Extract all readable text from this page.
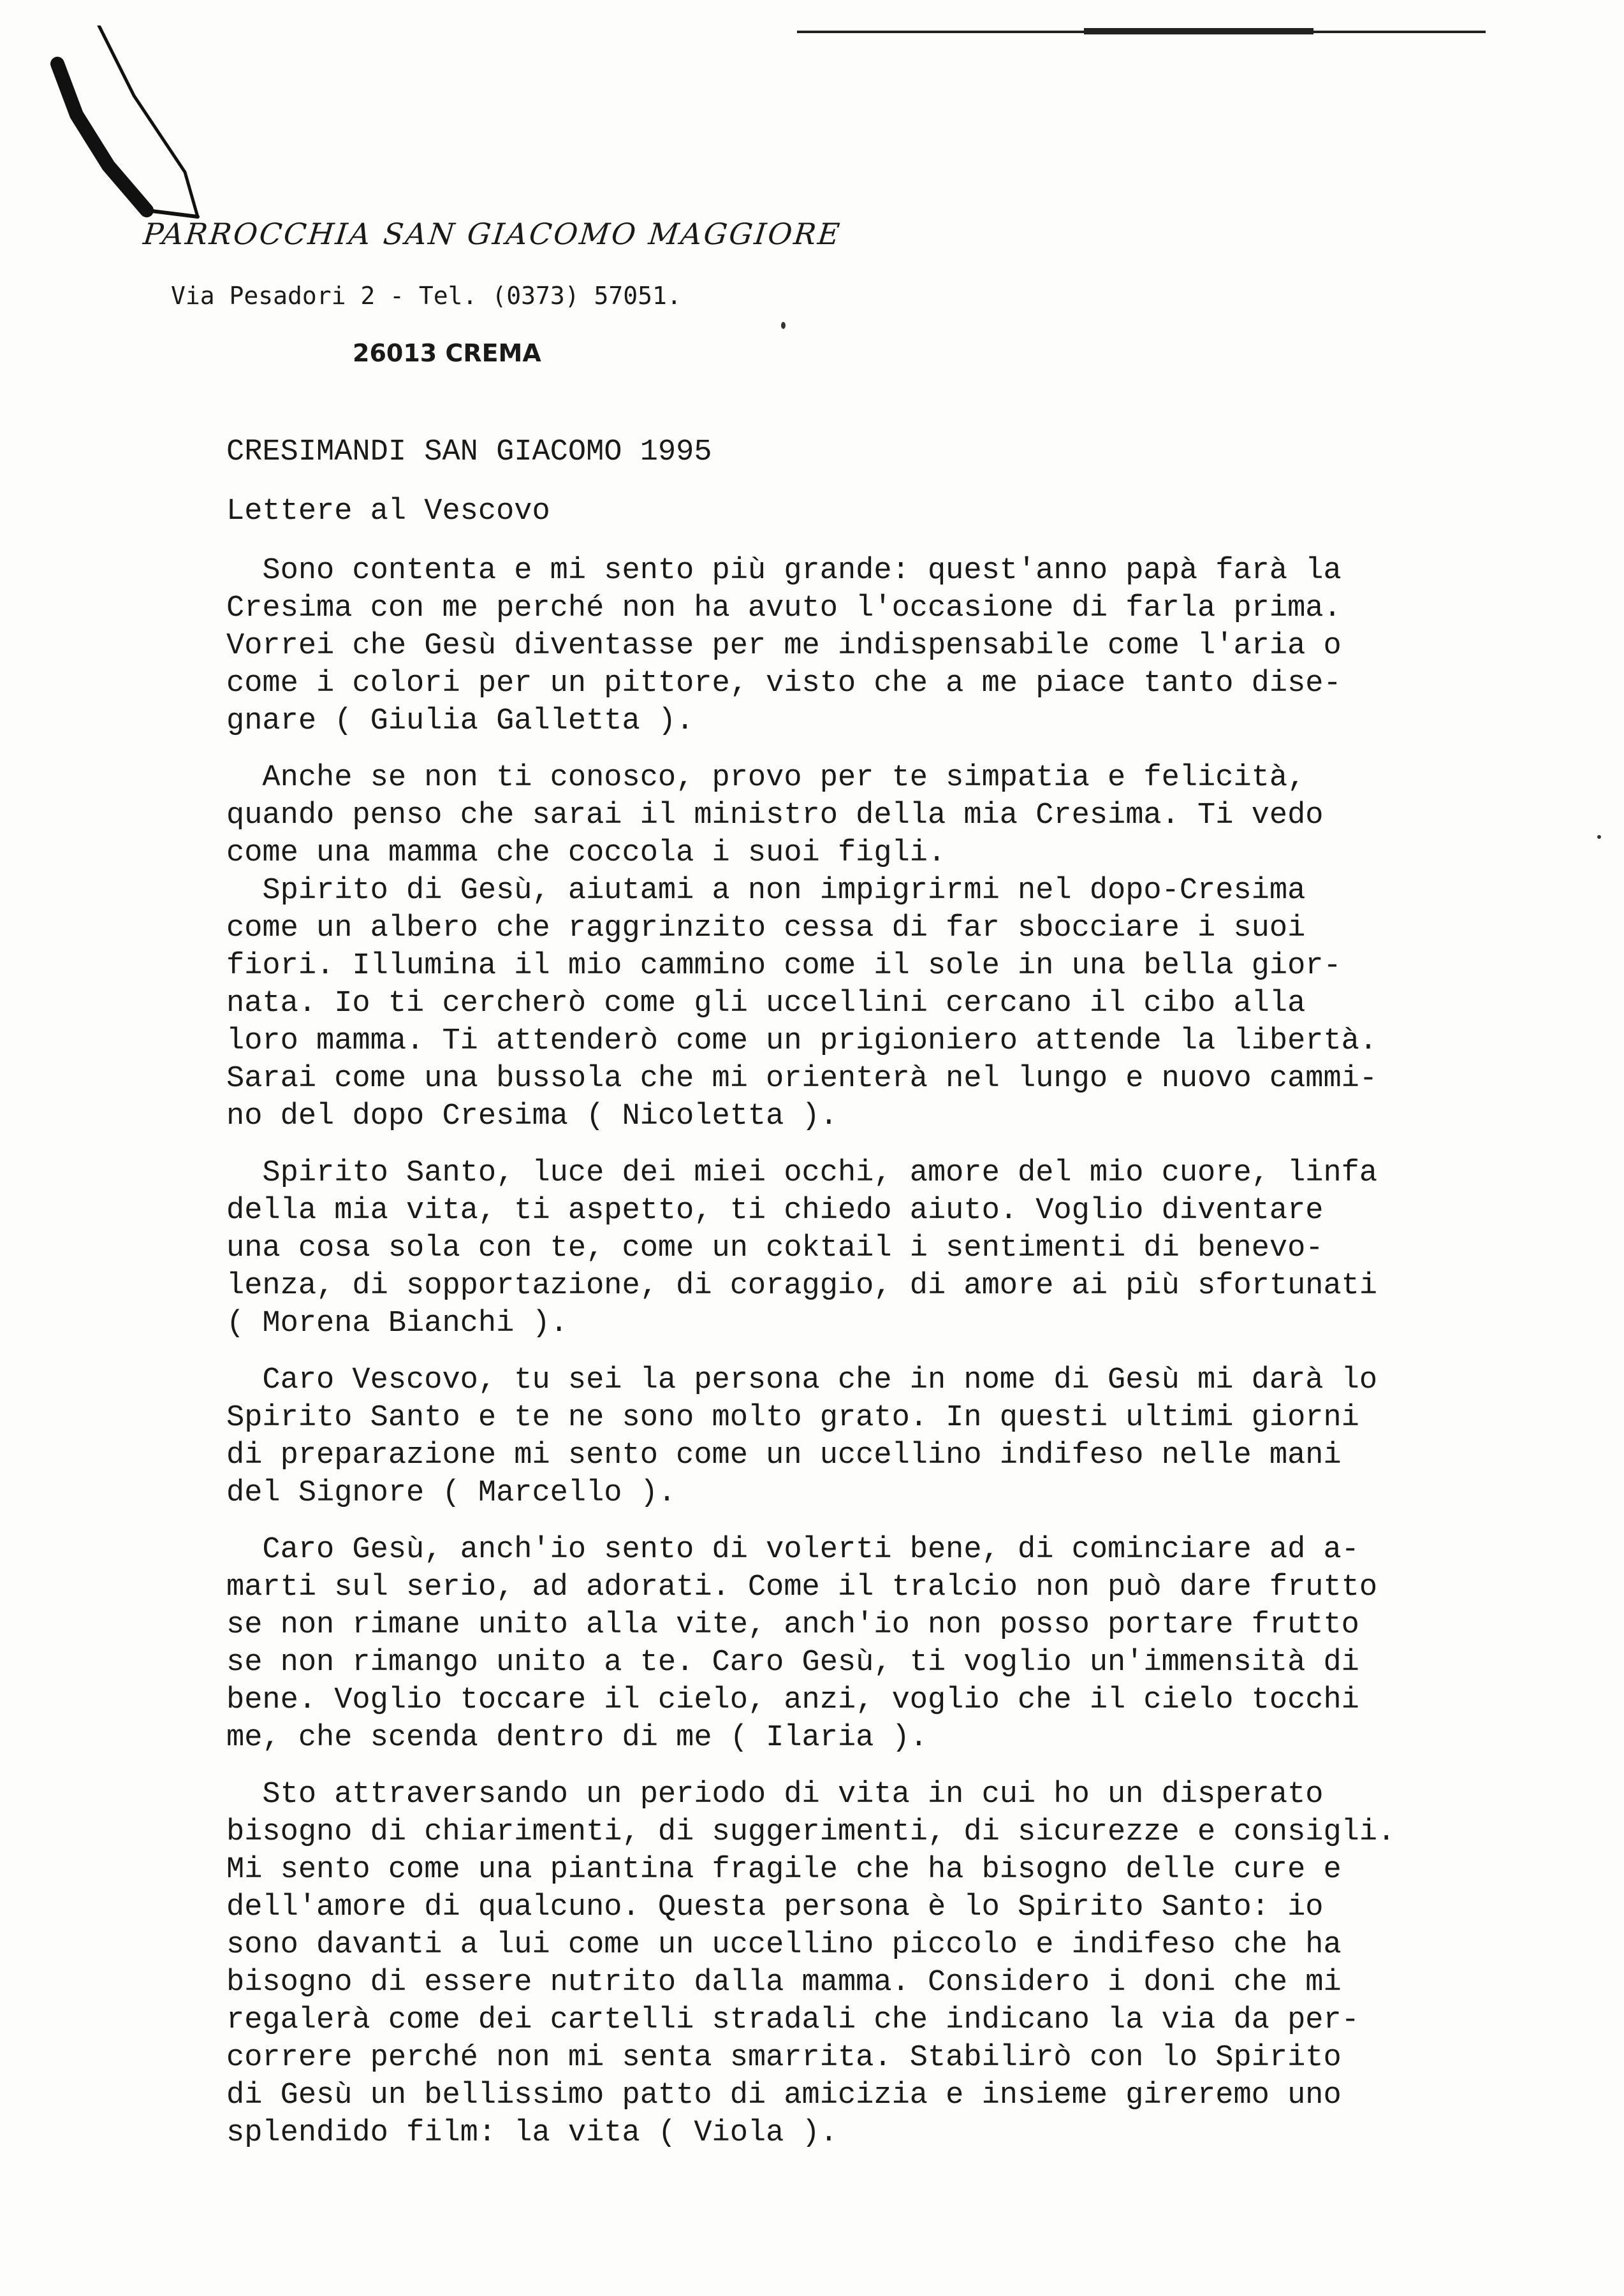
PARROCCHIA SAN GIACOMO MAGGIORE
Via Pesadori 2 - Tel. (0373) 57051.
26013 CREMA
CRESIMANDI SAN GIACOMO 1995
Lettere al Vescovo
Sono contenta e mi sento più grande: quest'anno papà farà la
Cresima con me perché non ha avuto l'occasione di farla prima.
Vorrei che Gesù diventasse per me indispensabile come l'aria o
come i colori per un pittore, visto che a me piace tanto dise-
gnare ( Giulia Galletta ).
Anche se non ti conosco, provo per te simpatia e felicità,
quando penso che sarai il ministro della mia Cresima. Ti vedo
come una mamma che coccola i suoi figli.
Spirito di Gesù, aiutami a non impigrirmi nel dopo-Cresima
come un albero che raggrinzito cessa di far sbocciare i suoi
fiori. Illumina il mio cammino come il sole in una bella gior-
nata. Io ti cercherò come gli uccellini cercano il cibo alla
loro mamma. Ti attenderò come un prigioniero attende la libertà.
Sarai come una bussola che mi orienterà nel lungo e nuovo cammi-
no del dopo Cresima ( Nicoletta ).
Spirito Santo, luce dei miei occhi, amore del mio cuore, linfa
della mia vita, ti aspetto, ti chiedo aiuto. Voglio diventare
una cosa sola con te, come un coktail i sentimenti di benevo-
lenza, di sopportazione, di coraggio, di amore ai più sfortunati
( Morena Bianchi ).
Caro Vescovo, tu sei la persona che in nome di Gesù mi darà lo
Spirito Santo e te ne sono molto grato. In questi ultimi giorni
di preparazione mi sento come un uccellino indifeso nelle mani
del Signore ( Marcello ).
Caro Gesù, anch'io sento di volerti bene, di cominciare ad a-
marti sul serio, ad adorati. Come il tralcio non può dare frutto
se non rimane unito alla vite, anch'io non posso portare frutto
se non rimango unito a te. Caro Gesù, ti voglio un'immensità di
bene. Voglio toccare il cielo, anzi, voglio che il cielo tocchi
me, che scenda dentro di me ( Ilaria ).
Sto attraversando un periodo di vita in cui ho un disperato
bisogno di chiarimenti, di suggerimenti, di sicurezze e consigli.
Mi sento come una piantina fragile che ha bisogno delle cure e
dell'amore di qualcuno. Questa persona è lo Spirito Santo: io
sono davanti a lui come un uccellino piccolo e indifeso che ha
bisogno di essere nutrito dalla mamma. Considero i doni che mi
regalerà come dei cartelli stradali che indicano la via da per-
correre perché non mi senta smarrita. Stabilirò con lo Spirito
di Gesù un bellissimo patto di amicizia e insieme gireremo uno
splendido film: la vita ( Viola ).
